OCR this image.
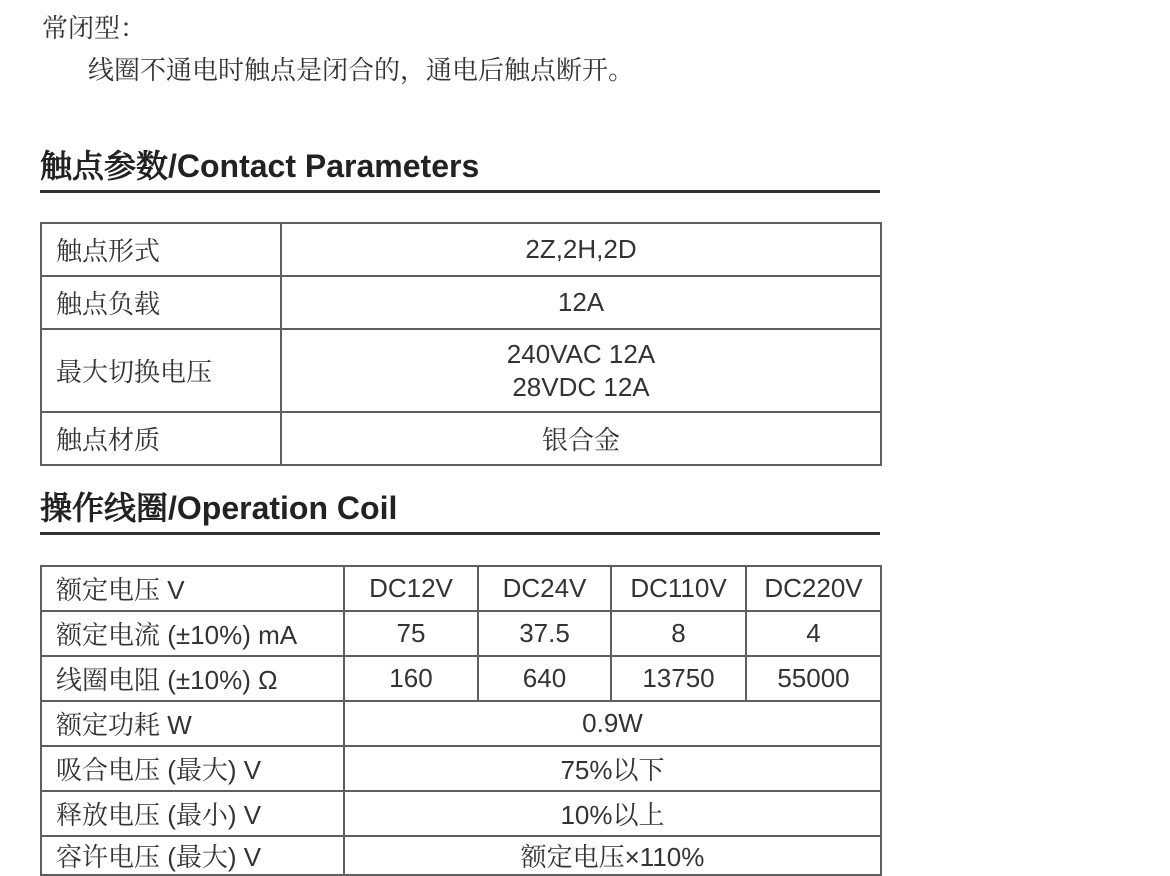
常闭型：
线圈不通电时触点是闭合的，通电后触点断开。
触点参数/Contact Parameters
触点形式	2Z,2H,2D
触点负载	12A
最大切换电压	240VAC 12A
28VDC 12A

触点材质	银合金
操作线圈/Operation Coil
额定电压 V	DC12V	DC24V	DC110V	DC220V
额定电流 (±10%) mA	75	37.5	8	4
线圈电阻 (±10%) Ω	160	640	13750	55000
额定功耗 W	0.9W			
吸合电压 (最大) V	75%以下			
释放电压 (最小) V	10%以上			
容许电压 (最大) V	额定电压×110%			
